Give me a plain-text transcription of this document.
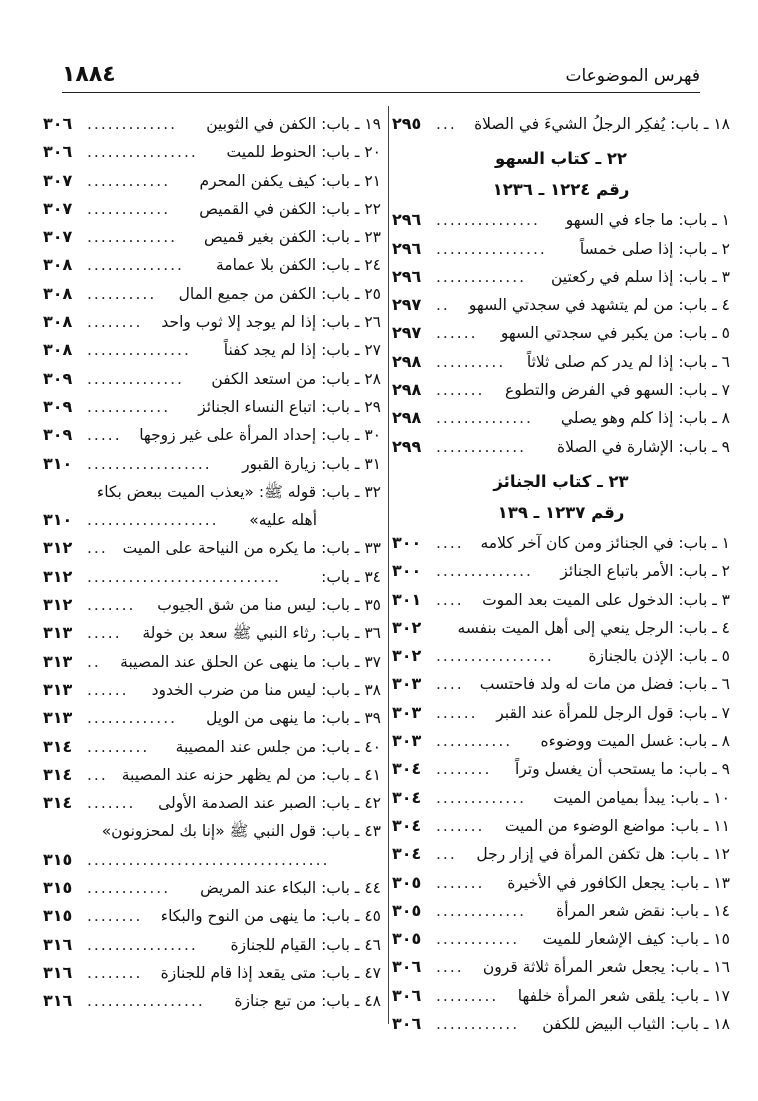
١٨٨٤	فهرس الموضوعات
١٨ ـ باب: يُفكِر الرجلُ الشيءَ في الصلاة
٢٩٥ ...
٢٢ ـ كتاب السهو
رقم ١٢٢٤ ـ ١٢٣٦
١ ـ باب: ما جاء في السهو
٢٩٦ ...............
٢ ـ باب: إذا صلى خمساً
٢٩٦ ................
٣ ـ باب: إذا سلم في ركعتين
٢٩٦ .............
٤ ـ باب: من لم يتشهد في سجدتي السهو
٢٩٧ ..
٥ ـ باب: من يكبر في سجدتي السهو
٢٩٧ ......
٦ ـ باب: إذا لم يدر كم صلى ثلاثاً
٢٩٨ ..........
٧ ـ باب: السهو في الفرض والتطوع
٢٩٨ .......
٨ ـ باب: إذا كلم وهو يصلي
٢٩٨ ..............
٩ ـ باب: الإشارة في الصلاة
٢٩٩ .............
٢٣ ـ كتاب الجنائز
رقم ١٢٣٧ ـ ١٣٩
١ ـ باب: في الجنائز ومن كان آخر كلامه
٣٠٠ ....
٢ ـ باب: الأمر باتباع الجنائز
٣٠٠ ..............
٣ ـ باب: الدخول على الميت بعد الموت
٣٠١ ....
٤ ـ باب: الرجل ينعي إلى أهل الميت بنفسه
٣٠٢
٥ ـ باب: الإذن بالجنازة
٣٠٢ .................
٦ ـ باب: فضل من مات له ولد فاحتسب
٣٠٣ ....
٧ ـ باب: قول الرجل للمرأة عند القبر
٣٠٣ ......
٨ ـ باب: غسل الميت ووضوءه
٣٠٣ ...........
٩ ـ باب: ما يستحب أن يغسل وتراً
٣٠٤ ........
١٠ ـ باب: يبدأ بميامن الميت
٣٠٤ .............
١١ ـ باب: مواضع الوضوء من الميت
٣٠٤ .......
١٢ ـ باب: هل تكفن المرأة في إزار رجل
٣٠٤ ...
١٣ ـ باب: يجعل الكافور في الأخيرة
٣٠٥ .......
١٤ ـ باب: نقض شعر المرأة
٣٠٥ .............
١٥ ـ باب: كيف الإشعار للميت
٣٠٥ ............
١٦ ـ باب: يجعل شعر المرأة ثلاثة قرون
٣٠٦ ....
١٧ ـ باب: يلقى شعر المرأة خلفها
٣٠٦ .........
١٨ ـ باب: الثياب البيض للكفن
٣٠٦ ............
١٩ ـ باب: الكفن في الثوبين
٣٠٦ .............
٢٠ ـ باب: الحنوط للميت
٣٠٦ ................
٢١ ـ باب: كيف يكفن المحرم
٣٠٧ ............
٢٢ ـ باب: الكفن في القميص
٣٠٧ ............
٢٣ ـ باب: الكفن بغير قميص
٣٠٧ .............
٢٤ ـ باب: الكفن بلا عمامة
٣٠٨ ..............
٢٥ ـ باب: الكفن من جميع المال
٣٠٨ ..........
٢٦ ـ باب: إذا لم يوجد إلا ثوب واحد
٣٠٨ ........
٢٧ ـ باب: إذا لم يجد كفناً
٣٠٨ ...............
٢٨ ـ باب: من استعد الكفن
٣٠٩ ..............
٢٩ ـ باب: اتباع النساء الجنائز
٣٠٩ ............
٣٠ ـ باب: إحداد المرأة على غير زوجها
٣٠٩ .....
٣١ ـ باب: زيارة القبور
٣١٠ ..................
٣٢ ـ باب: قوله ﷺ: «يعذب الميت ببعض بكاء
أهله عليه»
٣١٠ ...................
٣٣ ـ باب: ما يكره من النياحة على الميت
٣١٢ ...
٣٤ ـ باب:
٣١٢ ............................
٣٥ ـ باب: ليس منا من شق الجيوب
٣١٢ .......
٣٦ ـ باب: رثاء النبي ﷺ سعد بن خولة
٣١٣ .....
٣٧ ـ باب: ما ينهى عن الحلق عند المصيبة
٣١٣ ..
٣٨ ـ باب: ليس منا من ضرب الخدود
٣١٣ ......
٣٩ ـ باب: ما ينهى من الويل
٣١٣ .............
٤٠ ـ باب: من جلس عند المصيبة
٣١٤ .........
٤١ ـ باب: من لم يظهر حزنه عند المصيبة
٣١٤ ...
٤٢ ـ باب: الصبر عند الصدمة الأولى
٣١٤ .......
٤٣ ـ باب: قول النبي ﷺ «إنا بك لمحزونون»
٣١٥ ...................................
٤٤ ـ باب: البكاء عند المريض
٣١٥ ............
٤٥ ـ باب: ما ينهى من النوح والبكاء
٣١٥ ........
٤٦ ـ باب: القيام للجنازة
٣١٦ ................
٤٧ ـ باب: متى يقعد إذا قام للجنازة
٣١٦ ........
٤٨ ـ باب: من تبع جنازة
٣١٦ .................
